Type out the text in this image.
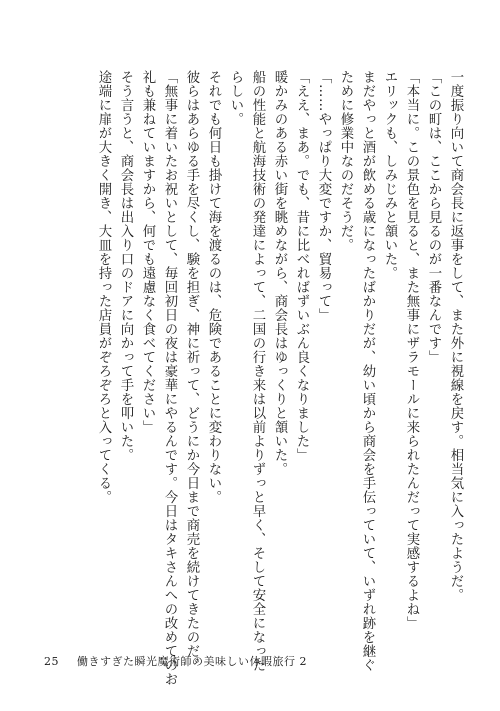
一度振り向いて商会長に返事をして、また外に視線を戻す。相当気に入ったようだ。
「この町は、ここから見るのが一番なんです」
「本当に。この景色を見ると、また無事にザラモールに来られたんだって実感するよね」
エリックも、しみじみと頷いた。
まだやっと酒が飲める歳になったばかりだが、幼い頃から商会を手伝っていて、いずれ跡を継ぐ
ために修業中なのだそうだ。
「……やっぱり大変ですか、貿易って」
「ええ、まあ。でも、昔に比べればずいぶん良くなりました」
暖かみのある赤い街を眺めながら、商会長はゆっくりと頷いた。
船の性能と航海技術の発達によって、二国の行き来は以前よりずっと早く、そして安全になった
らしい。
それでも何日も掛けて海を渡るのは、危険であることに変わりない。
彼らはあらゆる手を尽くし、験を担ぎ、神に祈って、どうにか今日まで商売を続けてきたのだ。
「無事に着いたお祝いとして、毎回初日の夜は豪華にやるんです。今日はタキさんへの改めてのお
礼も兼ねていますから、何でも遠慮なく食べてください」
そう言うと、商会長は出入り口のドアに向かって手を叩いた。
途端に扉が大きく開き、大皿を持った店員がぞろぞろと入ってくる。
25 働きすぎた瞬光魔術師の美味しい休暇旅行 2
